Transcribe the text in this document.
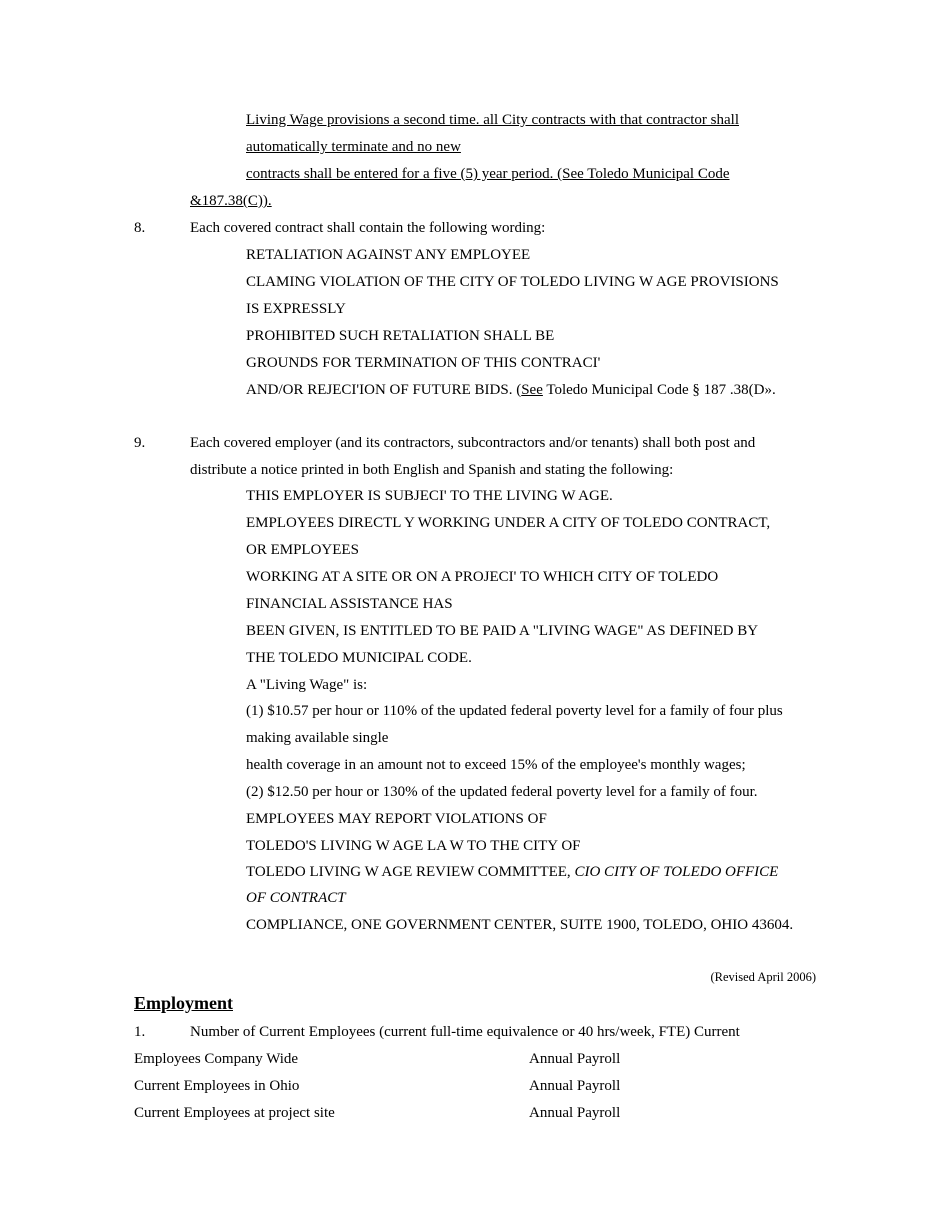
Living Wage provisions a second time. all City contracts with that contractor shall
automatically terminate and no new
contracts shall be entered for a five (5) year period. (See Toledo Municipal Code
&187.38(C)).
8.	Each covered contract shall contain the following wording:
RETALIATION AGAINST ANY EMPLOYEE
CLAMING VIOLATION OF THE CITY OF TOLEDO LIVING W AGE PROVISIONS
IS EXPRESSLY
PROHIBITED SUCH RETALIATION SHALL BE
GROUNDS FOR TERMINATION OF THIS CONTRACI'
AND/OR REJECI'ION OF FUTURE BIDS. (See Toledo Municipal Code § 187 .38(D».
9.	Each covered employer (and its contractors, subcontractors and/or tenants) shall both post and
distribute a notice printed in both English and Spanish and stating the following:
THIS EMPLOYER IS SUBJECI' TO THE LIVING W AGE.
EMPLOYEES DIRECTL Y WORKING UNDER A CITY OF TOLEDO CONTRACT,
OR EMPLOYEES
WORKING AT A SITE OR ON A PROJECI' TO WHICH CITY OF TOLEDO
FINANCIAL ASSISTANCE HAS
BEEN GIVEN, IS ENTITLED TO BE PAID A "LIVING WAGE" AS DEFINED BY
THE TOLEDO MUNICIPAL CODE.
A "Living Wage" is:
(1) $10.57 per hour or 110% of the updated federal poverty level for a family of four plus
making available single
health coverage in an amount not to exceed 15% of the employee's monthly wages;
(2) $12.50 per hour or 130% of the updated federal poverty level for a family of four.
EMPLOYEES MAY REPORT VIOLATIONS OF
TOLEDO'S LIVING W AGE LA W TO THE CITY OF
TOLEDO LIVING W AGE REVIEW COMMITTEE, CIO CITY OF TOLEDO OFFICE
OF CONTRACT
COMPLIANCE, ONE GOVERNMENT CENTER, SUITE 1900, TOLEDO, OHIO 43604.
(Revised April 2006)
Employment
1.	Number of Current Employees (current full-time equivalence or 40 hrs/week, FTE) Current
Employees Company Wide	Annual Payroll
Current Employees in Ohio	Annual Payroll
Current Employees at project site	Annual Payroll
